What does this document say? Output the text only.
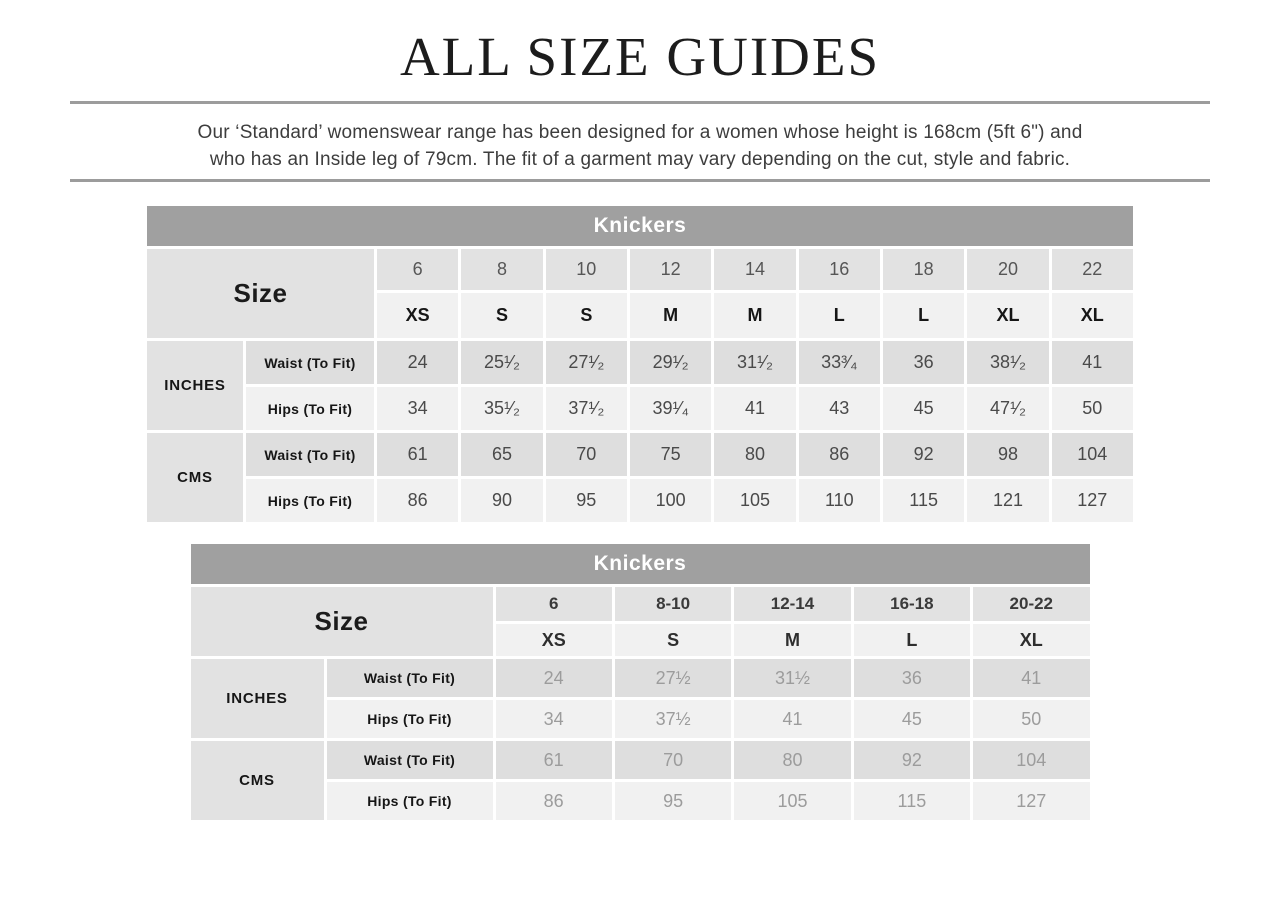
ALL SIZE GUIDES

Our ‘Standard’ womenswear range has been designed for a women whose height is 168cm (5ft 6") and
who has an Inside leg of 79cm. The fit of a garment may vary depending on the cut, style and fabric.

Knickers										
Size		6	8	10	12	14	16	18	20	22
		XS	S	S	M	M	L	L	XL	XL
INCHES	Waist (To Fit)	24	25¹⁄₂	27¹⁄₂	29¹⁄₂	31¹⁄₂	33³⁄₄	36	38¹⁄₂	41
	Hips (To Fit)	34	35¹⁄₂	37¹⁄₂	39¹⁄₄	41	43	45	47¹⁄₂	50
CMS	Waist (To Fit)	61	65	70	75	80	86	92	98	104
	Hips (To Fit)	86	90	95	100	105	110	115	121	127
Knickers						
Size		6	8-10	12-14	16-18	20-22
		XS	S	M	L	XL
INCHES	Waist (To Fit)	24	27½	31½	36	41
	Hips (To Fit)	34	37½	41	45	50
CMS	Waist (To Fit)	61	70	80	92	104
	Hips (To Fit)	86	95	105	115	127
